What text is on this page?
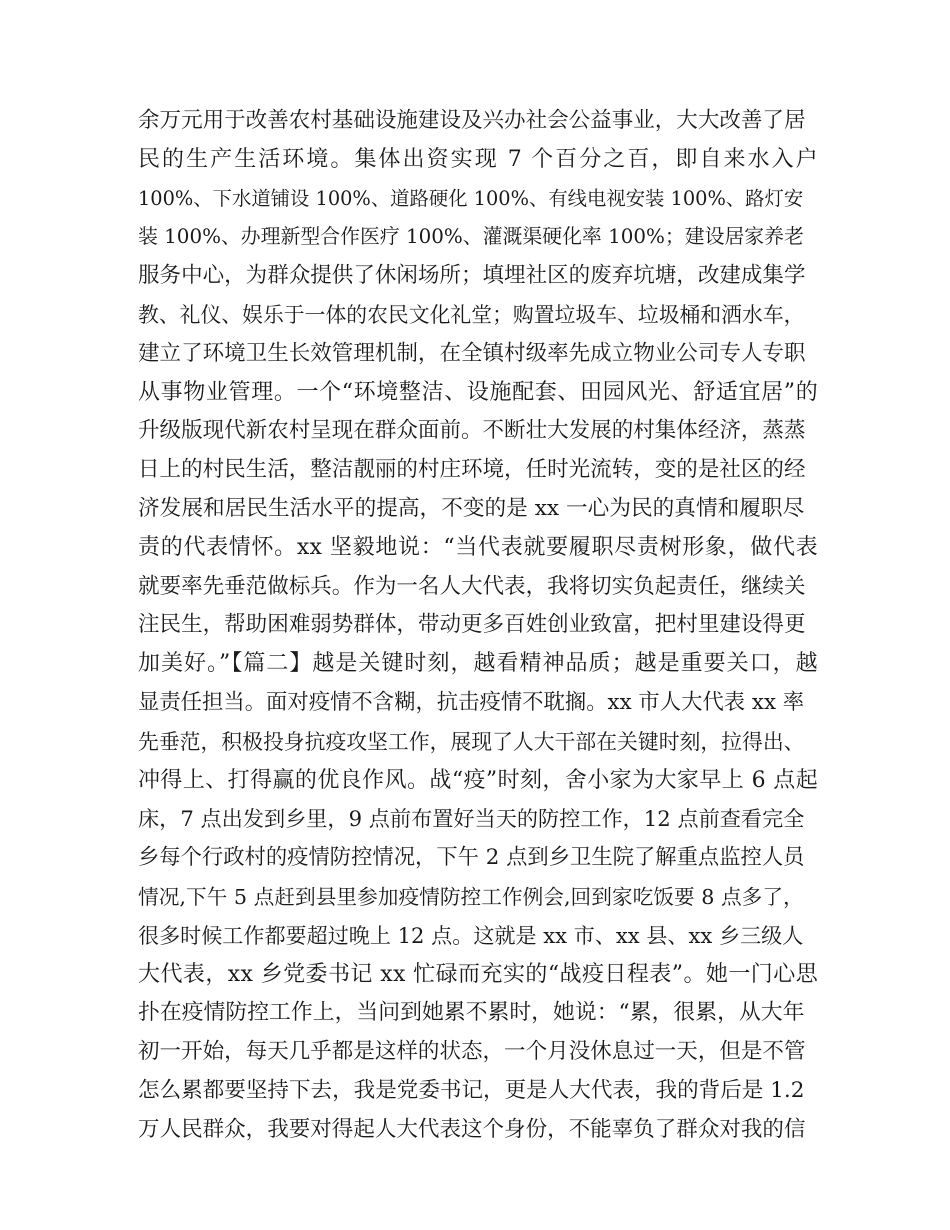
余万元用于改善农村基础设施建设及兴办社会公益事业，大大改善了居
民的生产生活环境。集体出资实现 7 个百分之百，即自来水入户
100%、下水道铺设 100%、道路硬化 100%、有线电视安装 100%、路灯安
装 100%、办理新型合作医疗 100%、灌溉渠硬化率 100%；建设居家养老
服务中心，为群众提供了休闲场所；填埋社区的废弃坑塘，改建成集学
教、礼仪、娱乐于一体的农民文化礼堂；购置垃圾车、垃圾桶和洒水车，
建立了环境卫生长效管理机制，在全镇村级率先成立物业公司专人专职
从事物业管理。一个“环境整洁、设施配套、田园风光、舒适宜居”的
升级版现代新农村呈现在群众面前。不断壮大发展的村集体经济，蒸蒸
日上的村民生活，整洁靓丽的村庄环境，任时光流转，变的是社区的经
济发展和居民生活水平的提高，不变的是 xx 一心为民的真情和履职尽
责的代表情怀。xx 坚毅地说：“当代表就要履职尽责树形象，做代表
就要率先垂范做标兵。作为一名人大代表，我将切实负起责任，继续关
注民生，帮助困难弱势群体，带动更多百姓创业致富，把村里建设得更
加美好。”【篇二】越是关键时刻，越看精神品质；越是重要关口，越
显责任担当。面对疫情不含糊，抗击疫情不耽搁。xx 市人大代表 xx 率
先垂范，积极投身抗疫攻坚工作，展现了人大干部在关键时刻，拉得出、
冲得上、打得赢的优良作风。战“疫”时刻，舍小家为大家早上 6 点起
床，7 点出发到乡里，9 点前布置好当天的防控工作，12 点前查看完全
乡每个行政村的疫情防控情况，下午 2 点到乡卫生院了解重点监控人员
情况,下午 5 点赶到县里参加疫情防控工作例会,回到家吃饭要 8 点多了，
很多时候工作都要超过晚上 12 点。这就是 xx 市、xx 县、xx 乡三级人
大代表，xx 乡党委书记 xx 忙碌而充实的“战疫日程表”。她一门心思
扑在疫情防控工作上，当问到她累不累时，她说：“累，很累，从大年
初一开始，每天几乎都是这样的状态，一个月没休息过一天，但是不管
怎么累都要坚持下去，我是党委书记，更是人大代表，我的背后是 1.2
万人民群众，我要对得起人大代表这个身份，不能辜负了群众对我的信
